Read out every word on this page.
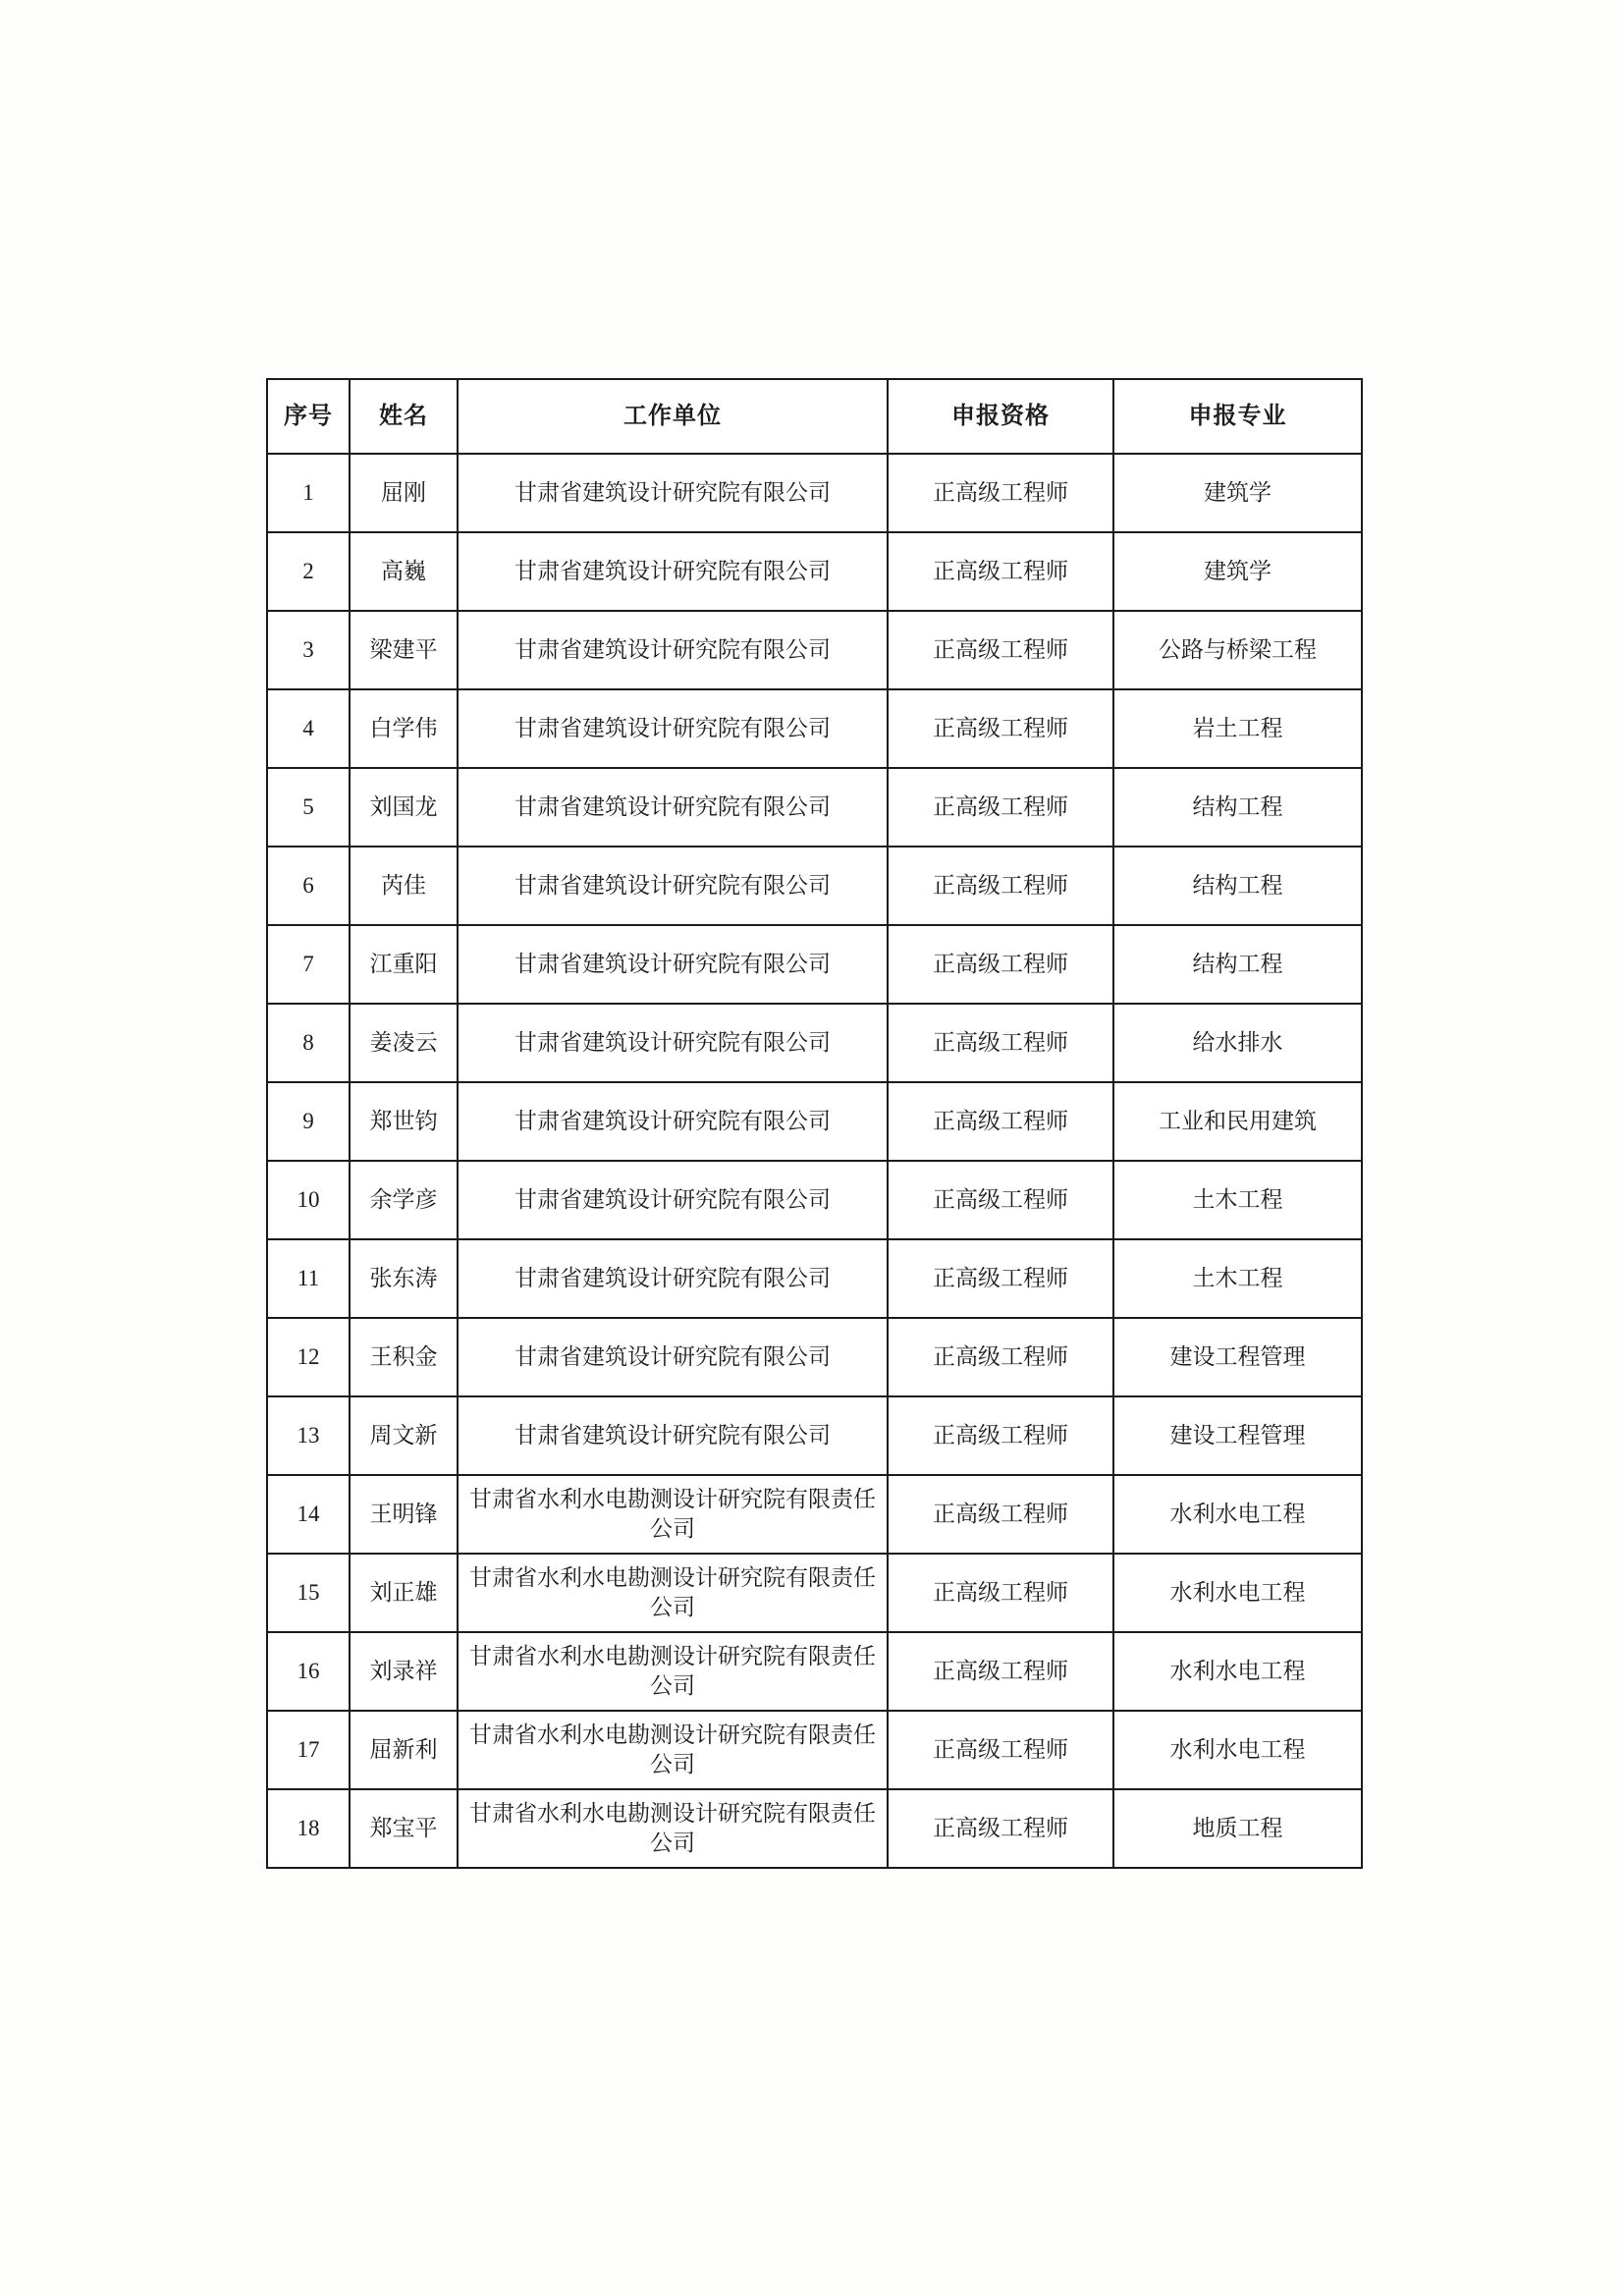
序号	姓名	工作单位	申报资格	申报专业
1	屈刚	甘肃省建筑设计研究院有限公司	正高级工程师	建筑学
2	高巍	甘肃省建筑设计研究院有限公司	正高级工程师	建筑学
3	梁建平	甘肃省建筑设计研究院有限公司	正高级工程师	公路与桥梁工程
4	白学伟	甘肃省建筑设计研究院有限公司	正高级工程师	岩土工程
5	刘国龙	甘肃省建筑设计研究院有限公司	正高级工程师	结构工程
6	芮佳	甘肃省建筑设计研究院有限公司	正高级工程师	结构工程
7	江重阳	甘肃省建筑设计研究院有限公司	正高级工程师	结构工程
8	姜凌云	甘肃省建筑设计研究院有限公司	正高级工程师	给水排水
9	郑世钧	甘肃省建筑设计研究院有限公司	正高级工程师	工业和民用建筑
10	余学彦	甘肃省建筑设计研究院有限公司	正高级工程师	土木工程
11	张东涛	甘肃省建筑设计研究院有限公司	正高级工程师	土木工程
12	王积金	甘肃省建筑设计研究院有限公司	正高级工程师	建设工程管理
13	周文新	甘肃省建筑设计研究院有限公司	正高级工程师	建设工程管理
14	王明锋	甘肃省水利水电勘测设计研究院有限责任公司	正高级工程师	水利水电工程
15	刘正雄	甘肃省水利水电勘测设计研究院有限责任公司	正高级工程师	水利水电工程
16	刘录祥	甘肃省水利水电勘测设计研究院有限责任公司	正高级工程师	水利水电工程
17	屈新利	甘肃省水利水电勘测设计研究院有限责任公司	正高级工程师	水利水电工程
18	郑宝平	甘肃省水利水电勘测设计研究院有限责任公司	正高级工程师	地质工程
